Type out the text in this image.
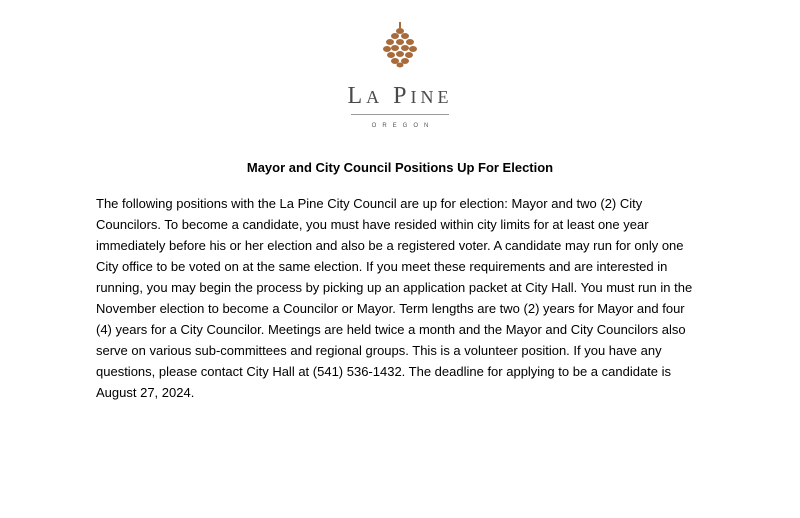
LA PINE
OREGON
Mayor and City Council Positions Up For Election
The following positions with the La Pine City Council are up for election: Mayor and two (2) City
Councilors. To become a candidate, you must have resided within city limits for at least one year
immediately before his or her election and also be a registered voter. A candidate may run for only one
City office to be voted on at the same election. If you meet these requirements and are interested in
running, you may begin the process by picking up an application packet at City Hall. You must run in the
November election to become a Councilor or Mayor. Term lengths are two (2) years for Mayor and four
(4) years for a City Councilor. Meetings are held twice a month and the Mayor and City Councilors also
serve on various sub-committees and regional groups. This is a volunteer position. If you have any
questions, please contact City Hall at (541) 536-1432. The deadline for applying to be a candidate is
August 27, 2024.
